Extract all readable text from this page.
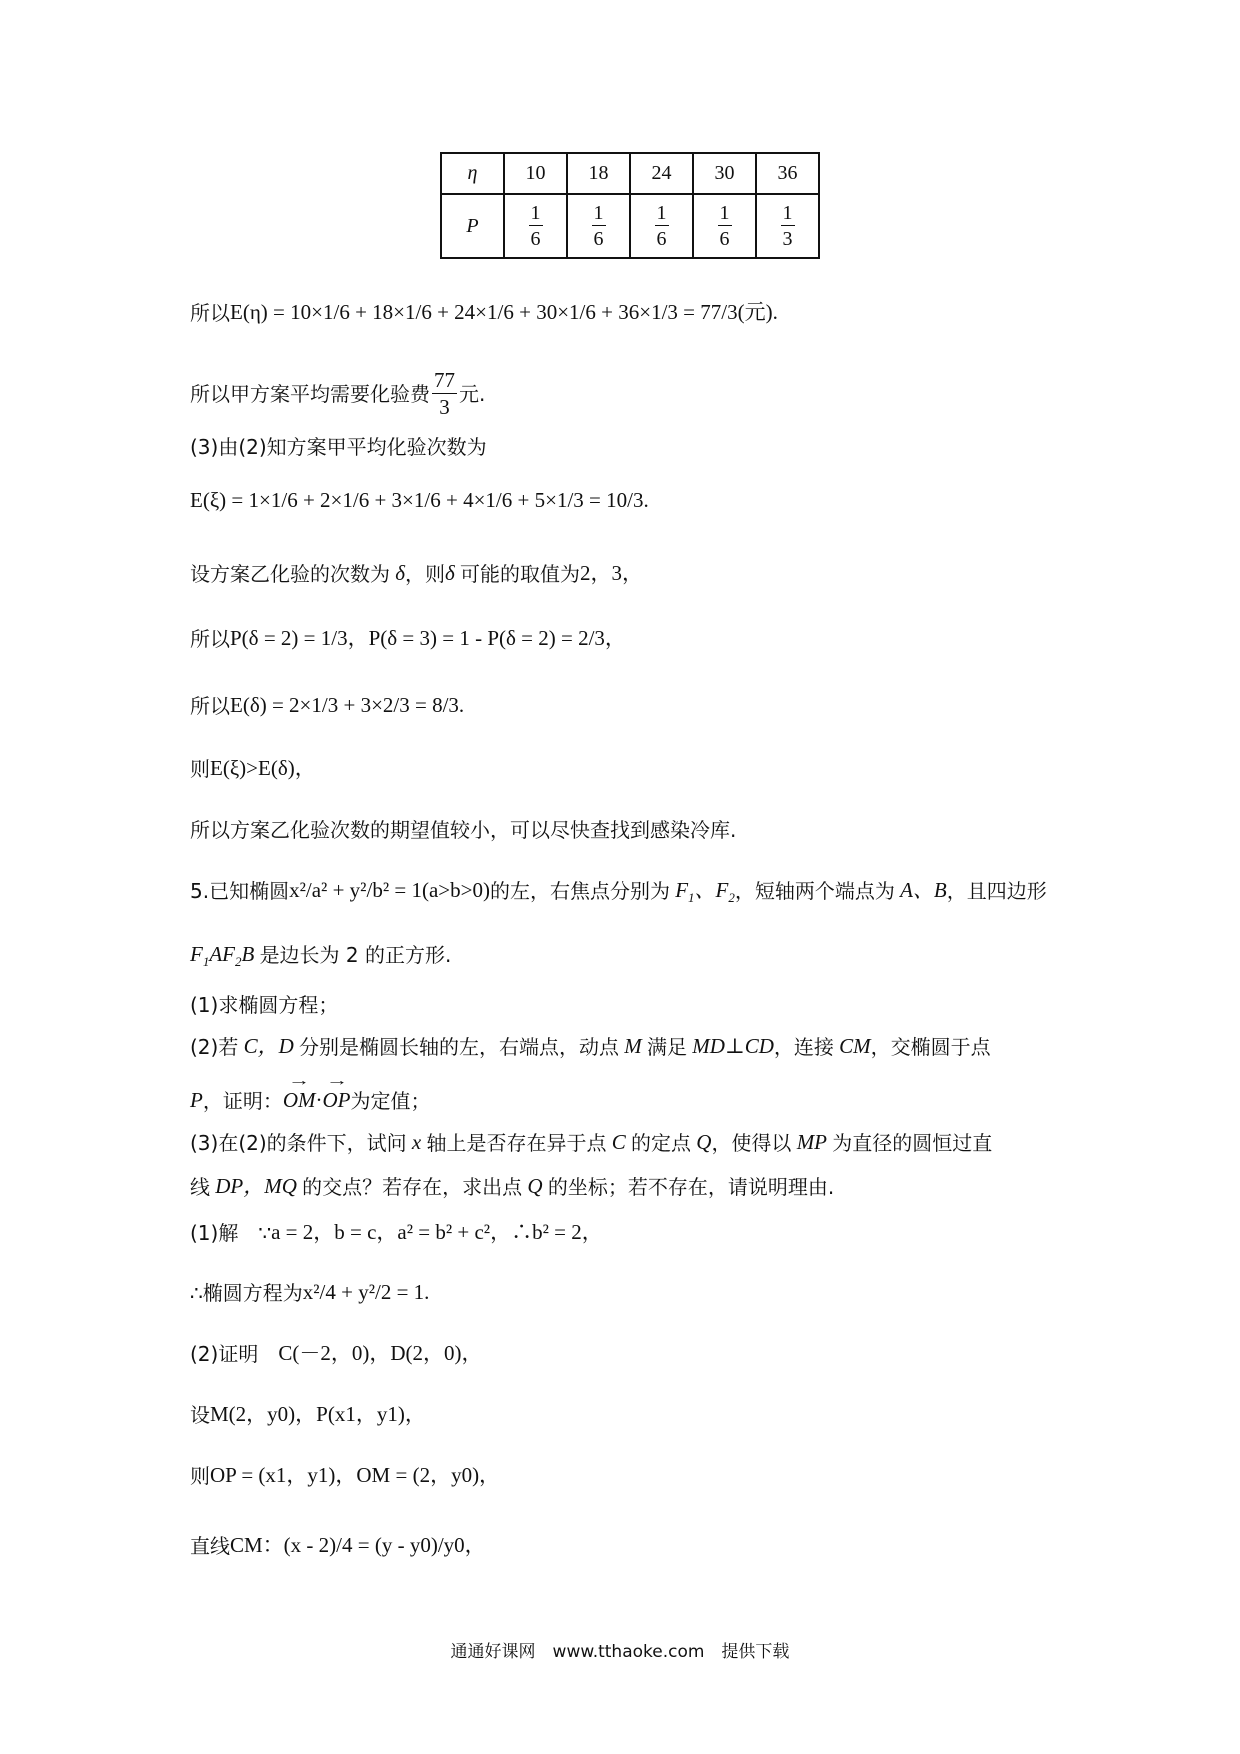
η	10	18	24	30	36
P	$\frac{1}{6}$	$\frac{1}{6}$	$\frac{1}{6}$	$\frac{1}{6}$	$\frac{1}{3}$
所以 E(η) = 10×1/6 + 18×1/6 + 24×1/6 + 30×1/6 + 36×1/3 = 77/3(元).
所以甲方案平均需要化验费 $\frac{77}{3}$ 元.
(3)由(2)知方案甲平均化验次数为
E(ξ) = 1×1/6 + 2×1/6 + 3×1/6 + 4×1/6 + 5×1/3 = 10/3.
设方案乙化验的次数为 δ ，则 δ 可能的取值为 2，3，
所以 P(δ = 2) = 1/3，P(δ = 3) = 1 - P(δ = 2) = 2/3，
所以 E(δ) = 2×1/3 + 3×2/3 = 8/3.
则 E(ξ)>E(δ)，
所以方案乙化验次数的期望值较小，可以尽快查找到感染冷库.
5.已知椭圆 x²/a² + y²/b² = 1(a>b>0) 的左，右焦点分别为 $F_1$、$F_2$ ，短轴两个端点为 A、B ，且四边形
$F_1AF_2B$ 是边长为 2 的正方形.
(1)求椭圆方程；
(2)若 C，D 分别是椭圆长轴的左，右端点，动点 M 满足 MD⊥CD ，连接 CM ，交椭圆于点
P ，证明： → OM · → OP 为定值；
(3)在(2)的条件下，试问 x 轴上是否存在异于点 C 的定点 Q ，使得以 MP 为直径的圆恒过直
线 DP，MQ 的交点？若存在，求出点 Q 的坐标；若不存在，请说明理由.
(1)解　∵ a = 2，b = c，a² = b² + c²，∴b² = 2，
∴椭圆方程为 x²/4 + y²/2 = 1.
(2)证明　 C(－2，0)，D(2，0)，
设 M(2，y0)，P(x1，y1)，
则 OP = (x1，y1)，OM = (2，y0)，
直线 CM：(x - 2)/4 = (y - y0)/y0，
通通好课网　www.tthaoke.com　提供下载
